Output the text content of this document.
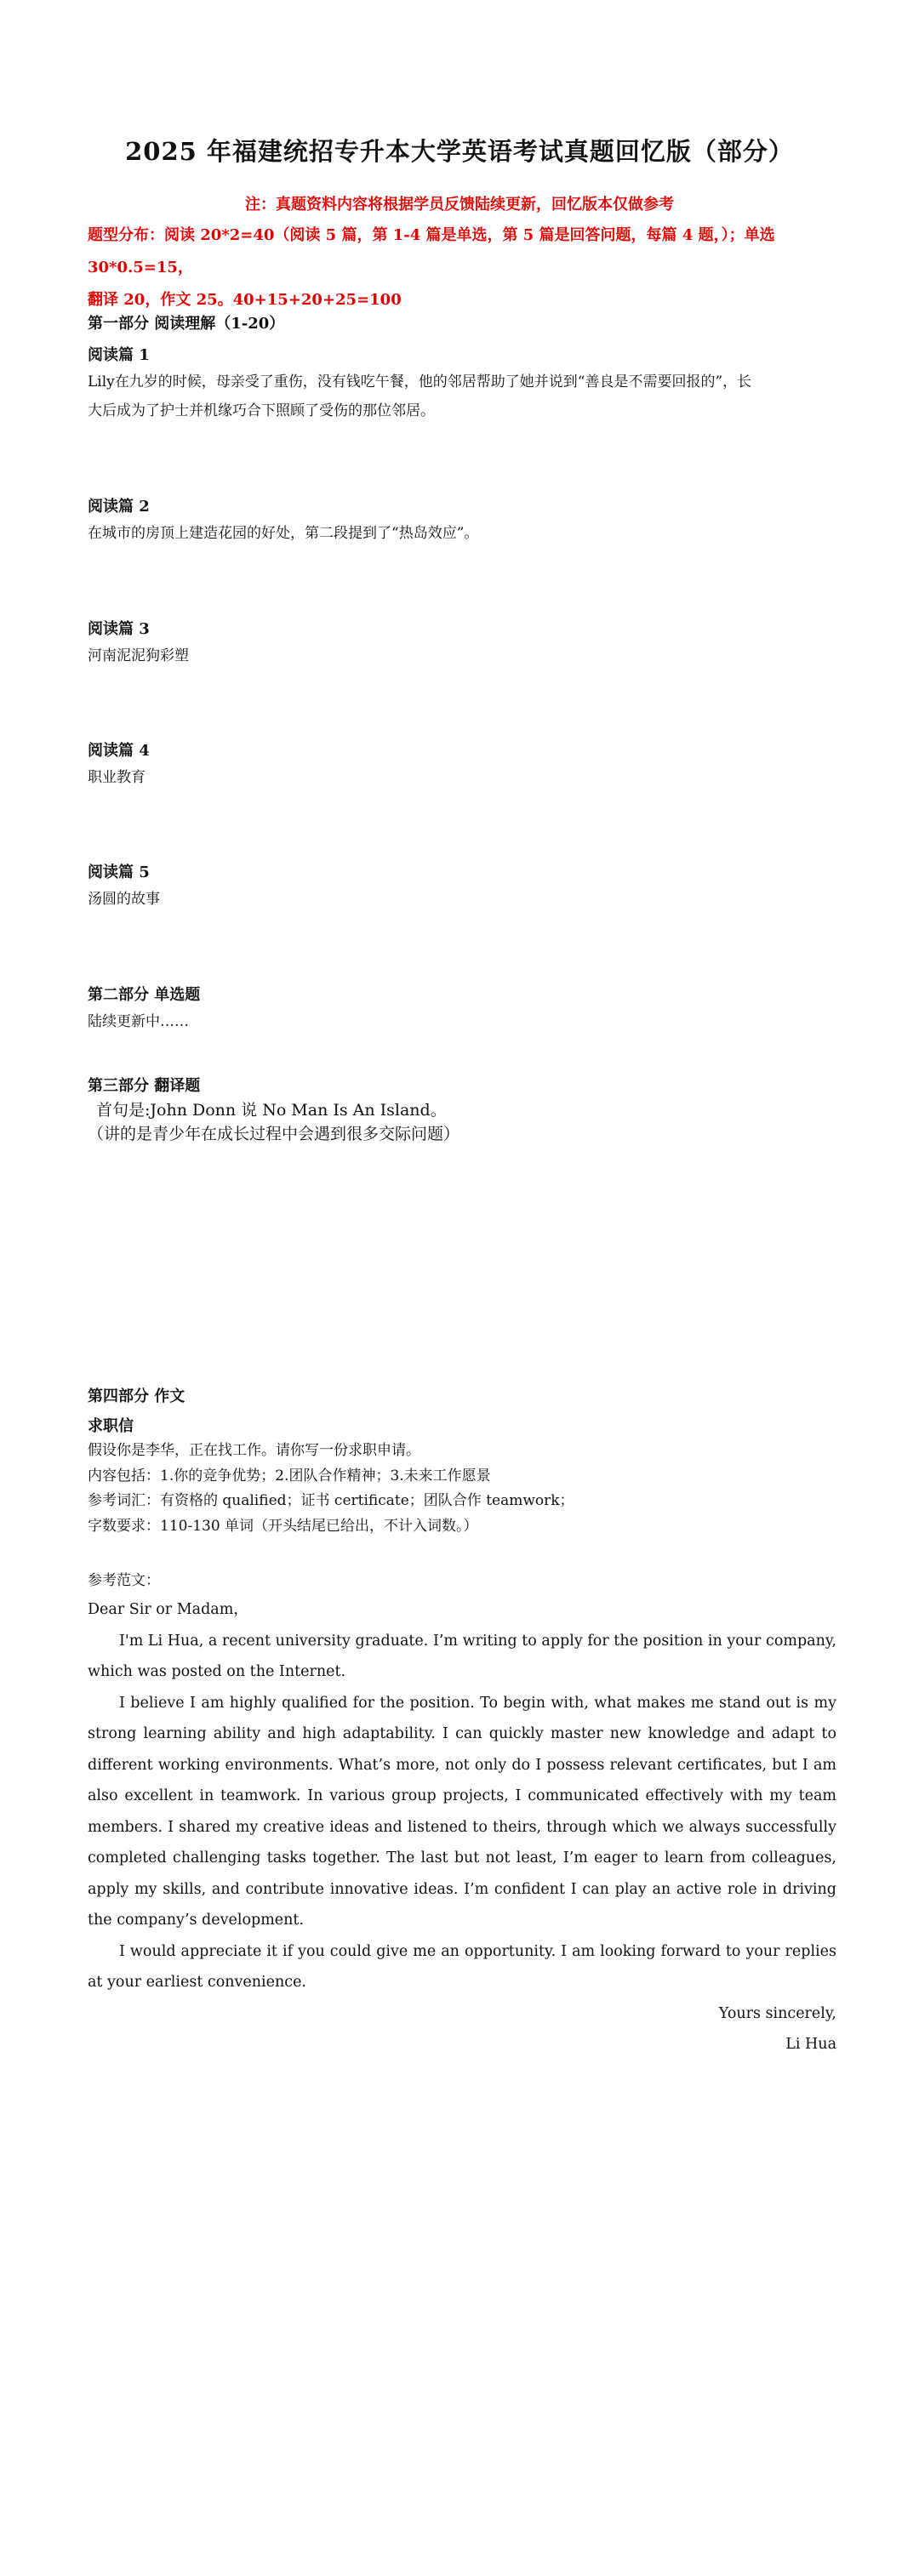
2025 年福建统招专升本大学英语考试真题回忆版（部分）
注：真题资料内容将根据学员反馈陆续更新，回忆版本仅做参考
题型分布：阅读 20*2=40（阅读 5 篇，第 1-4 篇是单选，第 5 篇是回答问题，每篇 4 题，）；单选 30*0.5=15，
翻译 20，作文 25。40+15+20+25=100
第一部分 阅读理解（1-20）
阅读篇 1
Lily在九岁的时候，母亲受了重伤，没有钱吃午餐，他的邻居帮助了她并说到“善良是不需要回报的”，长
大后成为了护士并机缘巧合下照顾了受伤的那位邻居。
阅读篇 2
在城市的房顶上建造花园的好处，第二段提到了“热岛效应”。
阅读篇 3
河南泥泥狗彩塑
阅读篇 4
职业教育
阅读篇 5
汤圆的故事
第二部分 单选题
陆续更新中……
第三部分 翻译题
首句是:John Donn 说 No Man Is An Island。
（讲的是青少年在成长过程中会遇到很多交际问题）
第四部分 作文
求职信
假设你是李华，正在找工作。请你写一份求职申请。
内容包括：1.你的竞争优势；2.团队合作精神；3.未来工作愿景
参考词汇：有资格的 qualified；证书 certificate；团队合作 teamwork；
字数要求：110-130 单词（开头结尾已给出，不计入词数。）
参考范文：

Dear Sir or Madam，

I'm Li Hua, a recent university graduate. I’m writing to apply for the position in your company, which was posted on the Internet.

I believe I am highly qualified for the position. To begin with, what makes me stand out is my strong learning ability and high adaptability. I can quickly master new knowledge and adapt to different working environments. What’s more, not only do I possess relevant certificates, but I am also excellent in teamwork. In various group projects, I communicated effectively with my team members. I shared my creative ideas and listened to theirs, through which we always successfully completed challenging tasks together. The last but not least, I’m eager to learn from colleagues, apply my skills, and contribute innovative ideas. I’m confident I can play an active role in driving the company’s development.

I would appreciate it if you could give me an opportunity. I am looking forward to your replies at your earliest convenience.

Yours sincerely,

Li Hua
